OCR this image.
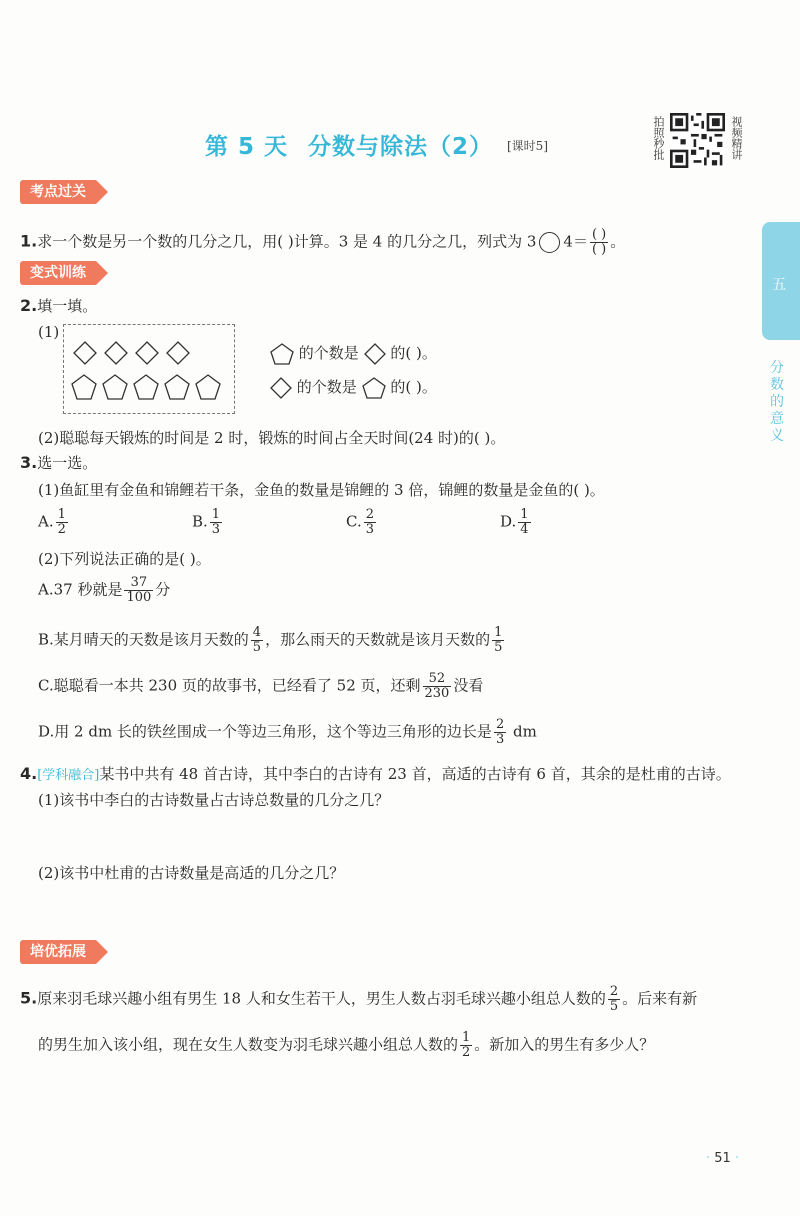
第 5 天 分数与除法（2） [课时5]	拍照秒批	视频精讲
五
分数的意义
考点过关
1.求一个数是另一个数的几分之几，用( )计算。3 是 4 的几分之几，列式为 3 $4= \frac{( )}{( )}$ 。
变式训练
2.填一填。
(1)
的个数是 的( )。
的个数是 的( )。
(2)聪聪每天锻炼的时间是 2 时，锻炼的时间占全天时间(24 时)的( )。
3.选一选。
(1)鱼缸里有金鱼和锦鲤若干条，金鱼的数量是锦鲤的 3 倍，锦鲤的数量是金鱼的( )。
A. $\frac{1}{2}$	B. $\frac{1}{3}$	C. $\frac{2}{3}$	D. $\frac{1}{4}$
(2)下列说法正确的是( )。
A.37 秒就是 $\frac{37}{100}$ 分
B.某月晴天的天数是该月天数的 $\frac{4}{5}$ ，那么雨天的天数就是该月天数的 $\frac{1}{5}$
C.聪聪看一本共 230 页的故事书，已经看了 52 页，还剩 $\frac{52}{230}$ 没看
D.用 2 dm 长的铁丝围成一个等边三角形，这个等边三角形的边长是 $\frac{2}{3}$ dm
4.[学科融合]某书中共有 48 首古诗，其中李白的古诗有 23 首，高适的古诗有 6 首，其余的是杜甫的古诗。
(1)该书中李白的古诗数量占古诗总数量的几分之几？
(2)该书中杜甫的古诗数量是高适的几分之几？
培优拓展
5.原来羽毛球兴趣小组有男生 18 人和女生若干人，男生人数占羽毛球兴趣小组总人数的 $\frac{2}{5}$ 。后来有新
的男生加入该小组，现在女生人数变为羽毛球兴趣小组总人数的 $\frac{1}{2}$ 。新加入的男生有多少人？
· 51 ·
